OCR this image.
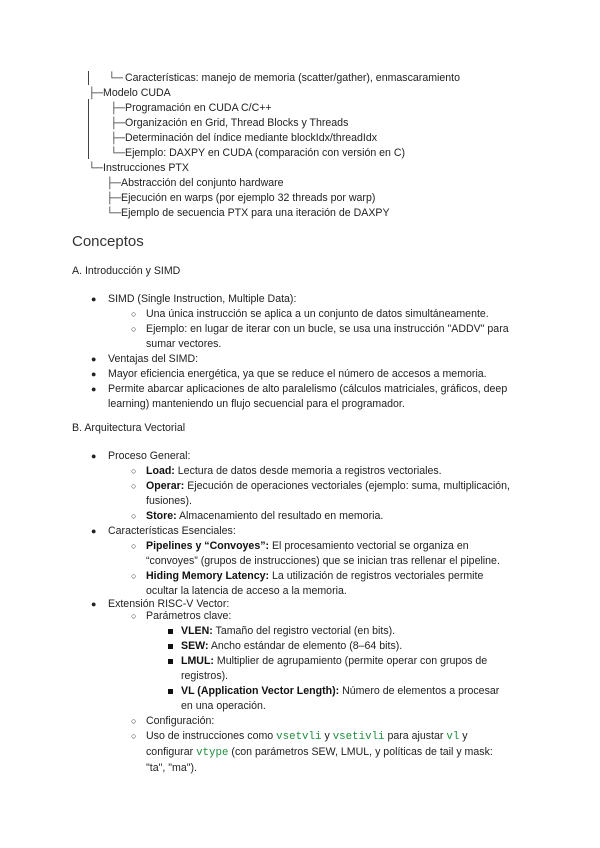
└─ Características: manejo de memoria (scatter/gather), enmascaramiento
├─ Modelo CUDA
├─ Programación en CUDA C/C++
├─ Organización en Grid, Thread Blocks y Threads
├─ Determinación del índice mediante blockIdx/threadIdx
└─ Ejemplo: DAXPY en CUDA (comparación con versión en C)
└─ Instrucciones PTX
├─ Abstracción del conjunto hardware
├─ Ejecución en warps (por ejemplo 32 threads por warp)
└─ Ejemplo de secuencia PTX para una iteración de DAXPY
Conceptos
A. Introducción y SIMD
● SIMD (Single Instruction, Multiple Data):
○ Una única instrucción se aplica a un conjunto de datos simultáneamente.
○ Ejemplo: en lugar de iterar con un bucle, se usa una instrucción "ADDV" para
sumar vectores.
● Ventajas del SIMD:
● Mayor eficiencia energética, ya que se reduce el número de accesos a memoria.
● Permite abarcar aplicaciones de alto paralelismo (cálculos matriciales, gráficos, deep
learning) manteniendo un flujo secuencial para el programador.
B. Arquitectura Vectorial
● Proceso General:
○ Load: Lectura de datos desde memoria a registros vectoriales.
○ Operar: Ejecución de operaciones vectoriales (ejemplo: suma, multiplicación,
fusiones).
○ Store: Almacenamiento del resultado en memoria.
● Características Esenciales:
○ Pipelines y “Convoyes”: El procesamiento vectorial se organiza en
“convoyes” (grupos de instrucciones) que se inician tras rellenar el pipeline.
○ Hiding Memory Latency: La utilización de registros vectoriales permite
ocultar la latencia de acceso a la memoria.
● Extensión RISC-V Vector:
○ Parámetros clave:
VLEN: Tamaño del registro vectorial (en bits).
SEW: Ancho estándar de elemento (8–64 bits).
LMUL: Multiplier de agrupamiento (permite operar con grupos de
registros).
VL (Application Vector Length): Número de elementos a procesar
en una operación.
○ Configuración:
○ Uso de instrucciones como vsetvli y vsetivli para ajustar vl y
configurar vtype (con parámetros SEW, LMUL, y políticas de tail y mask:
"ta", "ma").
